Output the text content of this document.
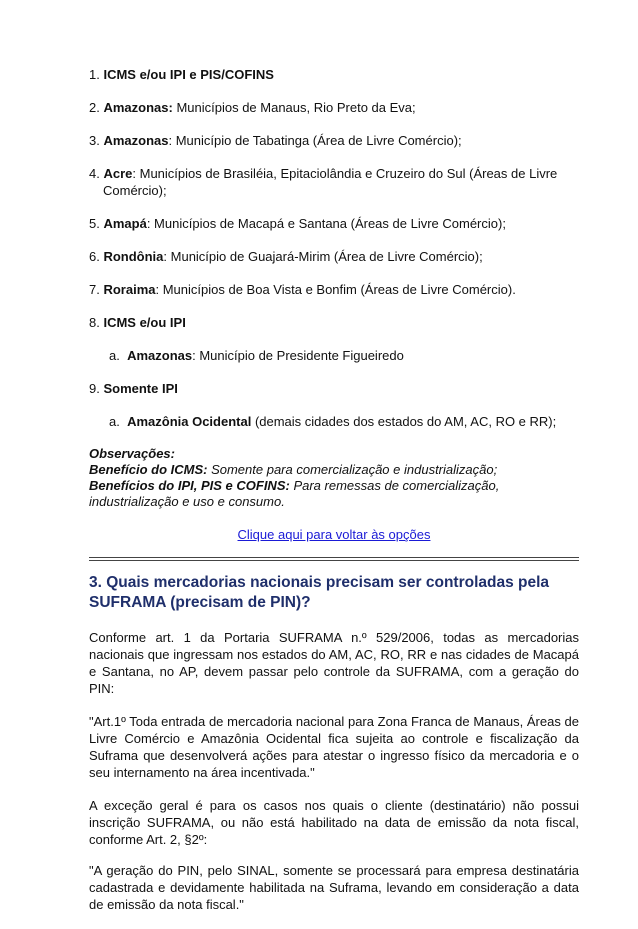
1. ICMS e/ou IPI e PIS/COFINS
2. Amazonas: Municípios de Manaus, Rio Preto da Eva;
3. Amazonas: Município de Tabatinga (Área de Livre Comércio);
4. Acre: Municípios de Brasiléia, Epitaciolândia e Cruzeiro do Sul (Áreas de Livre Comércio);
5. Amapá: Municípios de Macapá e Santana (Áreas de Livre Comércio);
6. Rondônia: Município de Guajará-Mirim (Área de Livre Comércio);
7. Roraima: Municípios de Boa Vista e Bonfim (Áreas de Livre Comércio).
8. ICMS e/ou IPI
a. Amazonas: Município de Presidente Figueiredo
9. Somente IPI
a. Amazônia Ocidental (demais cidades dos estados do AM, AC, RO e RR);
Observações:
Benefício do ICMS: Somente para comercialização e industrialização;
Benefícios do IPI, PIS e COFINS: Para remessas de comercialização, industrialização e uso e consumo.
Clique aqui para voltar às opções
3. Quais mercadorias nacionais precisam ser controladas pela SUFRAMA (precisam de PIN)?
Conforme art. 1 da Portaria SUFRAMA n.º 529/2006, todas as mercadorias nacionais que ingressam nos estados do AM, AC, RO, RR e nas cidades de Macapá e Santana, no AP, devem passar pelo controle da SUFRAMA, com a geração do PIN:
"Art.1º Toda entrada de mercadoria nacional para Zona Franca de Manaus, Áreas de Livre Comércio e Amazônia Ocidental fica sujeita ao controle e fiscalização da Suframa que desenvolverá ações para atestar o ingresso físico da mercadoria e o seu internamento na área incentivada."
A exceção geral é para os casos nos quais o cliente (destinatário) não possui inscrição SUFRAMA, ou não está habilitado na data de emissão da nota fiscal, conforme Art. 2, §2º:
"A geração do PIN, pelo SINAL, somente se processará para empresa destinatária cadastrada e devidamente habilitada na Suframa, levando em consideração a data de emissão da nota fiscal."
